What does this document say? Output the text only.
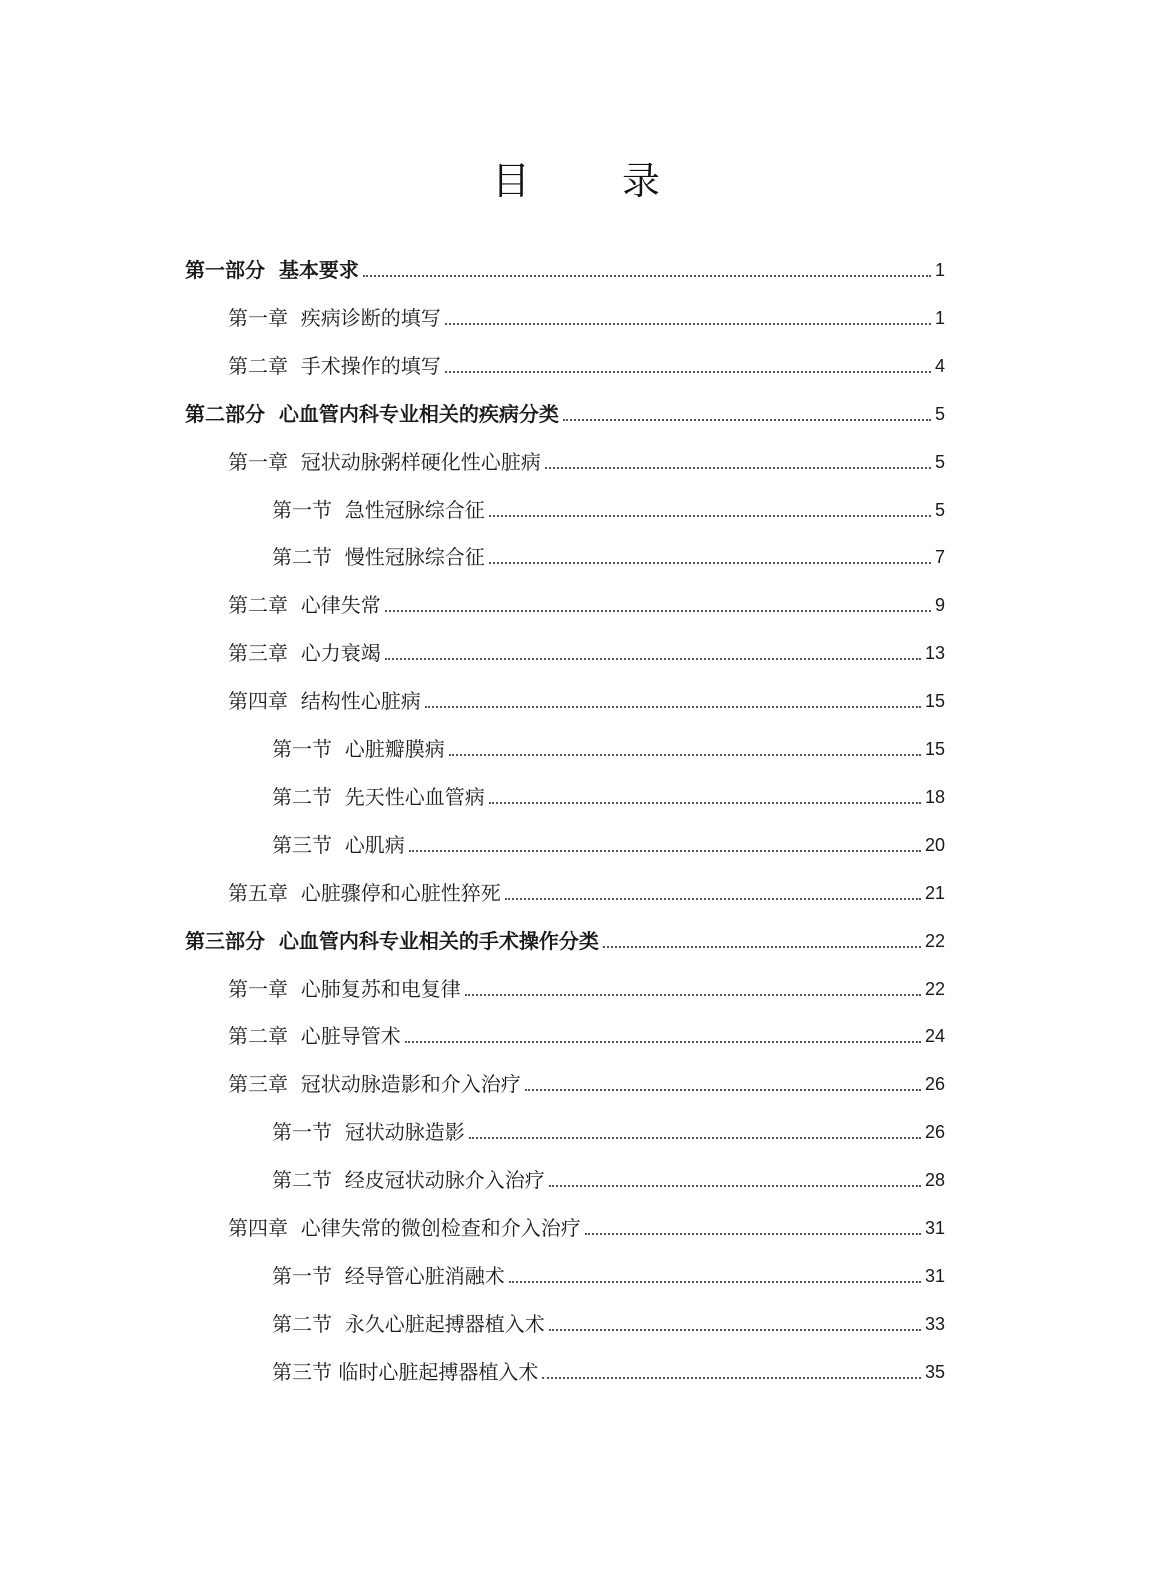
目 录
第一部分  基本要求	1
第一章  疾病诊断的填写	1
第二章  手术操作的填写	4
第二部分  心血管内科专业相关的疾病分类	5
第一章  冠状动脉粥样硬化性心脏病	5
第一节  急性冠脉综合征	5
第二节  慢性冠脉综合征	7
第二章  心律失常	9
第三章  心力衰竭	13
第四章  结构性心脏病	15
第一节  心脏瓣膜病	15
第二节  先天性心血管病	18
第三节  心肌病	20
第五章  心脏骤停和心脏性猝死	21
第三部分  心血管内科专业相关的手术操作分类	22
第一章  心肺复苏和电复律	22
第二章  心脏导管术	24
第三章  冠状动脉造影和介入治疗	26
第一节  冠状动脉造影	26
第二节  经皮冠状动脉介入治疗	28
第四章  心律失常的微创检查和介入治疗	31
第一节  经导管心脏消融术	31
第二节  永久心脏起搏器植入术	33
第三节 临时心脏起搏器植入术	35
